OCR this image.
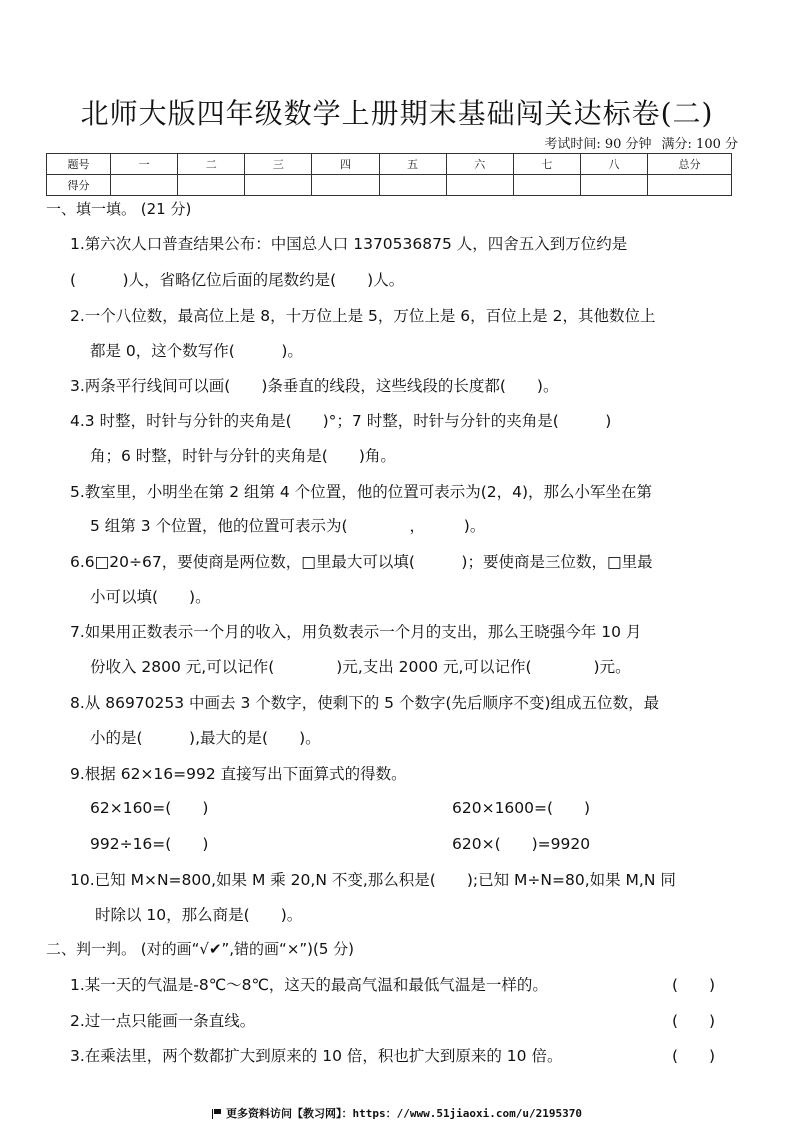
北师大版四年级数学上册期末基础闯关达标卷(二)
考试时间: 90 分钟 满分: 100 分
题号	一	二	三	四	五	六	七	八	总分
得分									
一、填一填。 (21 分)
1.第六次人口普查结果公布：中国总人口 1370536875 人，四舍五入到万位约是
(　　　)人，省略亿位后面的尾数约是(　　)人。
2.一个八位数，最高位上是 8，十万位上是 5，万位上是 6，百位上是 2，其他数位上
都是 0，这个数写作(　　　)。
3.两条平行线间可以画(　　)条垂直的线段，这些线段的长度都(　　)。
4.3 时整，时针与分针的夹角是(　　)°；7 时整，时针与分针的夹角是(　　　)
角；6 时整，时针与分针的夹角是(　　)角。
5.教室里，小明坐在第 2 组第 4 个位置，他的位置可表示为(2，4)，那么小军坐在第
5 组第 3 个位置，他的位置可表示为(　　　　，　　　)。
6.6□20÷67，要使商是两位数，□里最大可以填(　　　)；要使商是三位数，□里最
小可以填(　　)。
7.如果用正数表示一个月的收入，用负数表示一个月的支出，那么王晓强今年 10 月
份收入 2800 元,可以记作(　　　　)元,支出 2000 元,可以记作(　　　　)元。
8.从 86970253 中画去 3 个数字，使剩下的 5 个数字(先后顺序不变)组成五位数，最
小的是(　　　),最大的是(　　)。
9.根据 62×16=992 直接写出下面算式的得数。
62×160=(　　)	620×1600=(　　)
992÷16=(　　)	620×(　　)=9920
10.已知 M×N=800,如果 M 乘 20,N 不变,那么积是(　　);已知 M÷N=80,如果 M,N 同
时除以 10，那么商是(　　)。
二、判一判。 (对的画“√✔”,错的画“×”)(5 分)
1.某一天的气温是-8℃～8℃，这天的最高气温和最低气温是一样的。	(　　)
2.过一点只能画一条直线。	(　　)
3.在乘法里，两个数都扩大到原来的 10 倍，积也扩大到原来的 10 倍。	(　　)
更多资料访问【教习网】：https：//www.51jiaoxi.com/u/2195370
